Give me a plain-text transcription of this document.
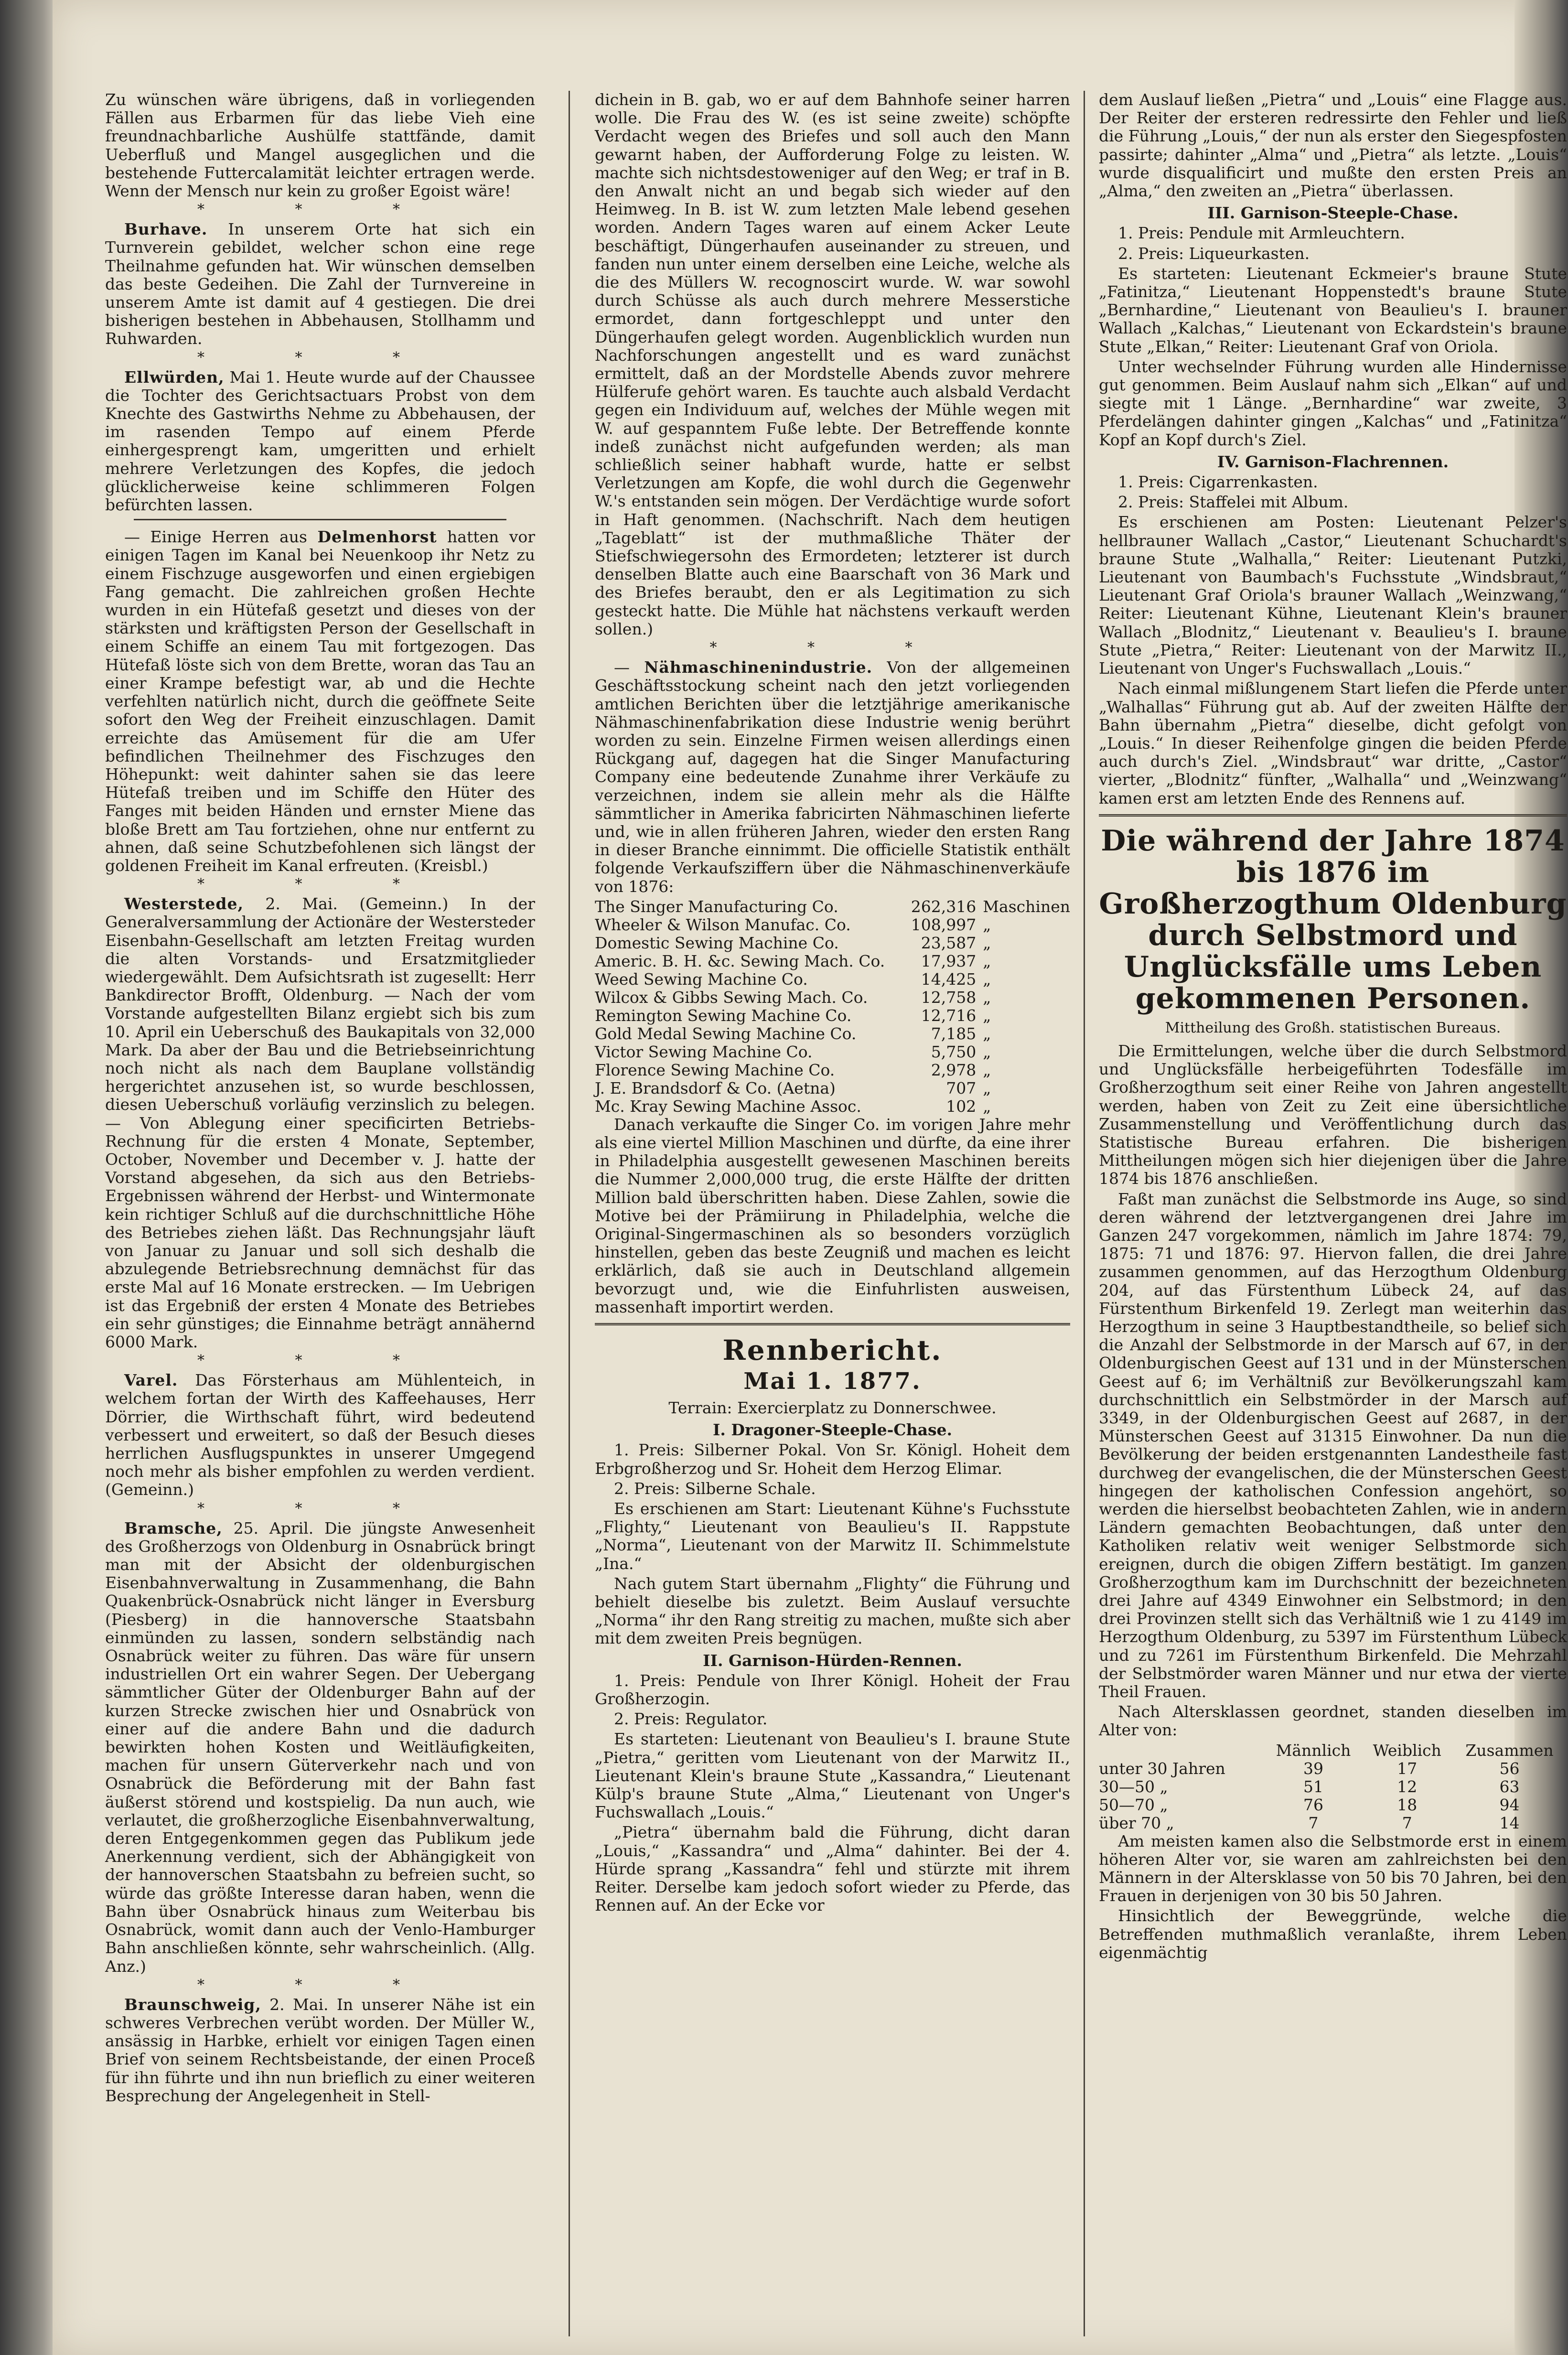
Zu wünschen wäre übrigens, daß in vorliegenden Fällen aus Erbarmen für das liebe Vieh eine freundnachbarliche Aushülfe stattfände, damit Ueberfluß und Mangel ausgeglichen und die bestehende Futtercalamität leichter ertragen werde. Wenn der Mensch nur kein zu großer Egoist wäre!

* * *

Burhave. In unserem Orte hat sich ein Turnverein gebildet, welcher schon eine rege Theilnahme gefunden hat. Wir wünschen demselben das beste Gedeihen. Die Zahl der Turnvereine in unserem Amte ist damit auf 4 gestiegen. Die drei bisherigen bestehen in Abbehausen, Stollhamm und Ruhwarden.

* * *

Ellwürden, Mai 1. Heute wurde auf der Chaussee die Tochter des Gerichtsactuars Probst von dem Knechte des Gastwirths Nehme zu Abbehausen, der im rasenden Tempo auf einem Pferde einhergesprengt kam, umgeritten und erhielt mehrere Verletzungen des Kopfes, die jedoch glücklicherweise keine schlimmeren Folgen befürchten lassen.

— Einige Herren aus Delmenhorst hatten vor einigen Tagen im Kanal bei Neuenkoop ihr Netz zu einem Fischzuge ausgeworfen und einen ergiebigen Fang gemacht. Die zahlreichen großen Hechte wurden in ein Hütefaß gesetzt und dieses von der stärksten und kräftigsten Person der Gesellschaft in einem Schiffe an einem Tau mit fortgezogen. Das Hütefaß löste sich von dem Brette, woran das Tau an einer Krampe befestigt war, ab und die Hechte verfehlten natürlich nicht, durch die geöffnete Seite sofort den Weg der Freiheit einzuschlagen. Damit erreichte das Amüsement für die am Ufer befindlichen Theilnehmer des Fischzuges den Höhepunkt: weit dahinter sahen sie das leere Hütefaß treiben und im Schiffe den Hüter des Fanges mit beiden Händen und ernster Miene das bloße Brett am Tau fortziehen, ohne nur entfernt zu ahnen, daß seine Schutzbefohlenen sich längst der goldenen Freiheit im Kanal erfreuten. (Kreisbl.)

* * *

Westerstede, 2. Mai. (Gemeinn.) In der Generalversammlung der Actionäre der Westersteder Eisenbahn-Gesellschaft am letzten Freitag wurden die alten Vorstands- und Ersatzmitglieder wiedergewählt. Dem Aufsichtsrath ist zugesellt: Herr Bankdirector Brofft, Oldenburg. — Nach der vom Vorstande aufgestellten Bilanz ergiebt sich bis zum 10. April ein Ueberschuß des Baukapitals von 32,000 Mark. Da aber der Bau und die Betriebseinrichtung noch nicht als nach dem Bauplane vollständig hergerichtet anzusehen ist, so wurde beschlossen, diesen Ueberschuß vorläufig verzinslich zu belegen. — Von Ablegung einer specificirten Betriebs-Rechnung für die ersten 4 Monate, September, October, November und December v. J. hatte der Vorstand abgesehen, da sich aus den Betriebs-Ergebnissen während der Herbst- und Wintermonate kein richtiger Schluß auf die durchschnittliche Höhe des Betriebes ziehen läßt. Das Rechnungsjahr läuft von Januar zu Januar und soll sich deshalb die abzulegende Betriebsrechnung demnächst für das erste Mal auf 16 Monate erstrecken. — Im Uebrigen ist das Ergebniß der ersten 4 Monate des Betriebes ein sehr günstiges; die Einnahme beträgt annähernd 6000 Mark.

* * *

Varel. Das Försterhaus am Mühlenteich, in welchem fortan der Wirth des Kaffeehauses, Herr Dörrier, die Wirthschaft führt, wird bedeutend verbessert und erweitert, so daß der Besuch dieses herrlichen Ausflugspunktes in unserer Umgegend noch mehr als bisher empfohlen zu werden verdient. (Gemeinn.)

* * *

Bramsche, 25. April. Die jüngste Anwesenheit des Großherzogs von Oldenburg in Osnabrück bringt man mit der Absicht der oldenburgischen Eisenbahnverwaltung in Zusammenhang, die Bahn Quakenbrück-Osnabrück nicht länger in Eversburg (Piesberg) in die hannoversche Staatsbahn einmünden zu lassen, sondern selbständig nach Osnabrück weiter zu führen. Das wäre für unsern industriellen Ort ein wahrer Segen. Der Uebergang sämmtlicher Güter der Oldenburger Bahn auf der kurzen Strecke zwischen hier und Osnabrück von einer auf die andere Bahn und die dadurch bewirkten hohen Kosten und Weitläufigkeiten, machen für unsern Güterverkehr nach und von Osnabrück die Beförderung mit der Bahn fast äußerst störend und kostspielig. Da nun auch, wie verlautet, die großherzogliche Eisenbahnverwaltung, deren Entgegenkommen gegen das Publikum jede Anerkennung verdient, sich der Abhängigkeit von der hannoverschen Staatsbahn zu befreien sucht, so würde das größte Interesse daran haben, wenn die Bahn über Osnabrück hinaus zum Weiterbau bis Osnabrück, womit dann auch der Venlo-Hamburger Bahn anschließen könnte, sehr wahrscheinlich. (Allg. Anz.)

* * *

Braunschweig, 2. Mai. In unserer Nähe ist ein schweres Verbrechen verübt worden. Der Müller W., ansässig in Harbke, erhielt vor einigen Tagen einen Brief von seinem Rechtsbeistande, der einen Proceß für ihn führte und ihn nun brieflich zu einer weiteren Besprechung der Angelegenheit in Stell-

dichein in B. gab, wo er auf dem Bahnhofe seiner harren wolle. Die Frau des W. (es ist seine zweite) schöpfte Verdacht wegen des Briefes und soll auch den Mann gewarnt haben, der Aufforderung Folge zu leisten. W. machte sich nichtsdestoweniger auf den Weg; er traf in B. den Anwalt nicht an und begab sich wieder auf den Heimweg. In B. ist W. zum letzten Male lebend gesehen worden. Andern Tages waren auf einem Acker Leute beschäftigt, Düngerhaufen auseinander zu streuen, und fanden nun unter einem derselben eine Leiche, welche als die des Müllers W. recognoscirt wurde. W. war sowohl durch Schüsse als auch durch mehrere Messerstiche ermordet, dann fortgeschleppt und unter den Düngerhaufen gelegt worden. Augenblicklich wurden nun Nachforschungen angestellt und es ward zunächst ermittelt, daß an der Mordstelle Abends zuvor mehrere Hülferufe gehört waren. Es tauchte auch alsbald Verdacht gegen ein Individuum auf, welches der Mühle wegen mit W. auf gespanntem Fuße lebte. Der Betreffende konnte indeß zunächst nicht aufgefunden werden; als man schließlich seiner habhaft wurde, hatte er selbst Verletzungen am Kopfe, die wohl durch die Gegenwehr W.'s entstanden sein mögen. Der Verdächtige wurde sofort in Haft genommen. (Nachschrift. Nach dem heutigen „Tageblatt“ ist der muthmaßliche Thäter der Stiefschwiegersohn des Ermordeten; letzterer ist durch denselben Blatte auch eine Baarschaft von 36 Mark und des Briefes beraubt, den er als Legitimation zu sich gesteckt hatte. Die Mühle hat nächstens verkauft werden sollen.)

* * *

— Nähmaschinenindustrie. Von der allgemeinen Geschäftsstockung scheint nach den jetzt vorliegenden amtlichen Berichten über die letztjährige amerikanische Nähmaschinenfabrikation diese Industrie wenig berührt worden zu sein. Einzelne Firmen weisen allerdings einen Rückgang auf, dagegen hat die Singer Manufacturing Company eine bedeutende Zunahme ihrer Verkäufe zu verzeichnen, indem sie allein mehr als die Hälfte sämmtlicher in Amerika fabricirten Nähmaschinen lieferte und, wie in allen früheren Jahren, wieder den ersten Rang in dieser Branche einnimmt. Die officielle Statistik enthält folgende Verkaufsziffern über die Nähmaschinenverkäufe von 1876:

The Singer Manufacturing Co.	262,316	Maschinen
Wheeler & Wilson Manufac. Co.	108,997	„
Domestic Sewing Machine Co.	23,587	„
Americ. B. H. &c. Sewing Mach. Co.	17,937	„
Weed Sewing Machine Co.	14,425	„
Wilcox & Gibbs Sewing Mach. Co.	12,758	„
Remington Sewing Machine Co.	12,716	„
Gold Medal Sewing Machine Co.	7,185	„
Victor Sewing Machine Co.	5,750	„
Florence Sewing Machine Co.	2,978	„
J. E. Brandsdorf & Co. (Aetna)	707	„
Mc. Kray Sewing Machine Assoc.	102	„

Danach verkaufte die Singer Co. im vorigen Jahre mehr als eine viertel Million Maschinen und dürfte, da eine ihrer in Philadelphia ausgestellt gewesenen Maschinen bereits die Nummer 2,000,000 trug, die erste Hälfte der dritten Million bald überschritten haben. Diese Zahlen, sowie die Motive bei der Prämiirung in Philadelphia, welche die Original-Singermaschinen als so besonders vorzüglich hinstellen, geben das beste Zeugniß und machen es leicht erklärlich, daß sie auch in Deutschland allgemein bevorzugt und, wie die Einfuhrlisten ausweisen, massenhaft importirt werden.

Rennbericht.
Mai 1. 1877.

Terrain: Exercierplatz zu Donnerschwee.

I. Dragoner-Steeple-Chase.

1. Preis: Silberner Pokal. Von Sr. Königl. Hoheit dem Erbgroßherzog und Sr. Hoheit dem Herzog Elimar.

2. Preis: Silberne Schale.

Es erschienen am Start: Lieutenant Kühne's Fuchsstute „Flighty,“ Lieutenant von Beaulieu's II. Rappstute „Norma“, Lieutenant von der Marwitz II. Schimmelstute „Ina.“

Nach gutem Start übernahm „Flighty“ die Führung und behielt dieselbe bis zuletzt. Beim Auslauf versuchte „Norma“ ihr den Rang streitig zu machen, mußte sich aber mit dem zweiten Preis begnügen.

II. Garnison-Hürden-Rennen.

1. Preis: Pendule von Ihrer Königl. Hoheit der Frau Großherzogin.

2. Preis: Regulator.

Es starteten: Lieutenant von Beaulieu's I. braune Stute „Pietra,“ geritten vom Lieutenant von der Marwitz II., Lieutenant Klein's braune Stute „Kassandra,“ Lieutenant Külp's braune Stute „Alma,“ Lieutenant von Unger's Fuchswallach „Louis.“

„Pietra“ übernahm bald die Führung, dicht daran „Louis,“ „Kassandra“ und „Alma“ dahinter. Bei der 4. Hürde sprang „Kassandra“ fehl und stürzte mit ihrem Reiter. Derselbe kam jedoch sofort wieder zu Pferde, das Rennen auf. An der Ecke vor

dem Auslauf ließen „Pietra“ und „Louis“ eine Flagge aus. Der Reiter der ersteren redressirte den Fehler und ließ die Führung „Louis,“ der nun als erster den Siegespfosten passirte; dahinter „Alma“ und „Pietra“ als letzte. „Louis“ wurde disqualificirt und mußte den ersten Preis an „Alma,“ den zweiten an „Pietra“ überlassen.

III. Garnison-Steeple-Chase.

1. Preis: Pendule mit Armleuchtern.

2. Preis: Liqueurkasten.

Es starteten: Lieutenant Eckmeier's braune Stute „Fatinitza,“ Lieutenant Hoppenstedt's braune Stute „Bernhardine,“ Lieutenant von Beaulieu's I. brauner Wallach „Kalchas,“ Lieutenant von Eckardstein's braune Stute „Elkan,“ Reiter: Lieutenant Graf von Oriola.

Unter wechselnder Führung wurden alle Hindernisse gut genommen. Beim Auslauf nahm sich „Elkan“ auf und siegte mit 1 Länge. „Bernhardine“ war zweite, 3 Pferdelängen dahinter gingen „Kalchas“ und „Fatinitza“ Kopf an Kopf durch's Ziel.

IV. Garnison-Flachrennen.

1. Preis: Cigarrenkasten.

2. Preis: Staffelei mit Album.

Es erschienen am Posten: Lieutenant Pelzer's hellbrauner Wallach „Castor,“ Lieutenant Schuchardt's braune Stute „Walhalla,“ Reiter: Lieutenant Putzki, Lieutenant von Baumbach's Fuchsstute „Windsbraut,“ Lieutenant Graf Oriola's brauner Wallach „Weinzwang,“ Reiter: Lieutenant Kühne, Lieutenant Klein's brauner Wallach „Blodnitz,“ Lieutenant v. Beaulieu's I. braune Stute „Pietra,“ Reiter: Lieutenant von der Marwitz II., Lieutenant von Unger's Fuchswallach „Louis.“

Nach einmal mißlungenem Start liefen die Pferde unter „Walhallas“ Führung gut ab. Auf der zweiten Hälfte der Bahn übernahm „Pietra“ dieselbe, dicht gefolgt von „Louis.“ In dieser Reihenfolge gingen die beiden Pferde auch durch's Ziel. „Windsbraut“ war dritte, „Castor“ vierter, „Blodnitz“ fünfter, „Walhalla“ und „Weinzwang“ kamen erst am letzten Ende des Rennens auf.

Die während der Jahre 1874 bis 1876 im Großherzogthum Oldenburg durch Selbstmord und Unglücksfälle ums Leben gekommenen Personen.
Mittheilung des Großh. statistischen Bureaus.

Die Ermittelungen, welche über die durch Selbstmord und Unglücksfälle herbeigeführten Todesfälle im Großherzogthum seit einer Reihe von Jahren angestellt werden, haben von Zeit zu Zeit eine übersichtliche Zusammenstellung und Veröffentlichung durch das Statistische Bureau erfahren. Die bisherigen Mittheilungen mögen sich hier diejenigen über die Jahre 1874 bis 1876 anschließen.

Faßt man zunächst die Selbstmorde ins Auge, so sind deren während der letztvergangenen drei Jahre im Ganzen 247 vorgekommen, nämlich im Jahre 1874: 79, 1875: 71 und 1876: 97. Hiervon fallen, die drei Jahre zusammen genommen, auf das Herzogthum Oldenburg 204, auf das Fürstenthum Lübeck 24, auf das Fürstenthum Birkenfeld 19. Zerlegt man weiterhin das Herzogthum in seine 3 Hauptbestandtheile, so belief sich die Anzahl der Selbstmorde in der Marsch auf 67, in der Oldenburgischen Geest auf 131 und in der Münsterschen Geest auf 6; im Verhältniß zur Bevölkerungszahl kam durchschnittlich ein Selbstmörder in der Marsch auf 3349, in der Oldenburgischen Geest auf 2687, in der Münsterschen Geest auf 31315 Einwohner. Da nun die Bevölkerung der beiden erstgenannten Landestheile fast durchweg der evangelischen, die der Münsterschen Geest hingegen der katholischen Confession angehört, so werden die hierselbst beobachteten Zahlen, wie in andern Ländern gemachten Beobachtungen, daß unter den Katholiken relativ weit weniger Selbstmorde sich ereignen, durch die obigen Ziffern bestätigt. Im ganzen Großherzogthum kam im Durchschnitt der bezeichneten drei Jahre auf 4349 Einwohner ein Selbstmord; in den drei Provinzen stellt sich das Verhältniß wie 1 zu 4149 im Herzogthum Oldenburg, zu 5397 im Fürstenthum Lübeck und zu 7261 im Fürstenthum Birkenfeld. Die Mehrzahl der Selbstmörder waren Männer und nur etwa der vierte Theil Frauen.

Nach Altersklassen geordnet, standen dieselben im Alter von:

	Männlich	Weiblich	Zusammen
unter 30 Jahren	39	17	56
30—50 „	51	12	63
50—70 „	76	18	94
über 70 „	7	7	14

Am meisten kamen also die Selbstmorde erst in einem höheren Alter vor, sie waren am zahlreichsten bei den Männern in der Altersklasse von 50 bis 70 Jahren, bei den Frauen in derjenigen von 30 bis 50 Jahren.

Hinsichtlich der Beweggründe, welche die Betreffenden muthmaßlich veranlaßte, ihrem Leben eigenmächtig
